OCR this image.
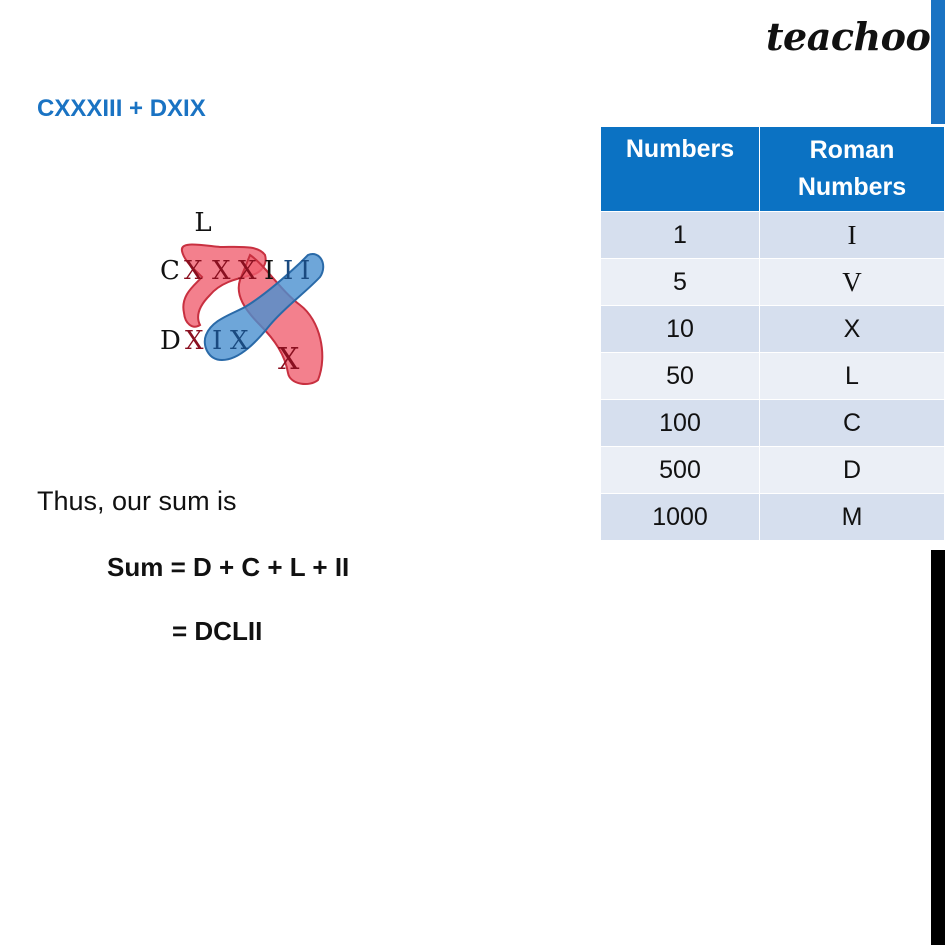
teachoo
CXXXIII + DXIX
L
C X X X I I I
D X I X
X
Thus, our sum is
Sum = D + C + L + II
= DCLII
Numbers	Roman Numbers
1	I
5	V
10	X
50	L
100	C
500	D
1000	M
